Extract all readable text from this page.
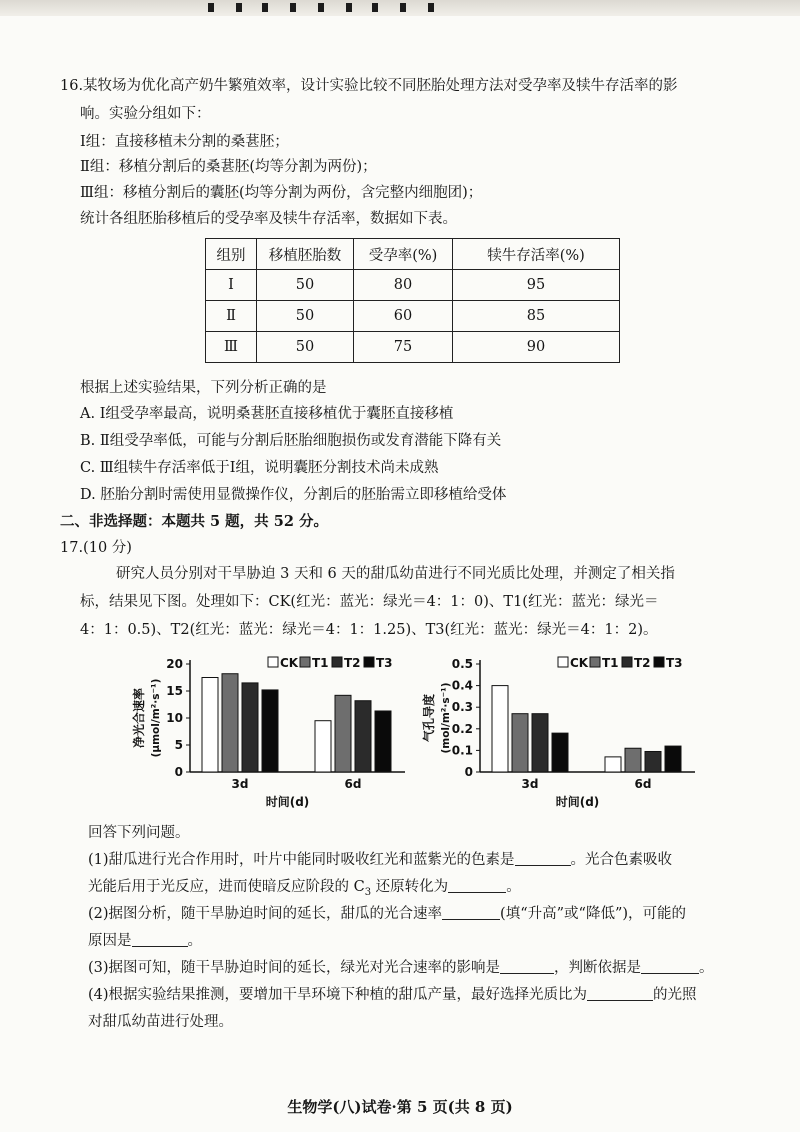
16.某牧场为优化高产奶牛繁殖效率，设计实验比较不同胚胎处理方法对受孕率及犊牛存活率的影
响。实验分组如下：
Ⅰ组：直接移植未分割的桑葚胚；
Ⅱ组：移植分割后的桑葚胚(均等分割为两份)；
Ⅲ组：移植分割后的囊胚(均等分割为两份，含完整内细胞团)；
统计各组胚胎移植后的受孕率及犊牛存活率，数据如下表。
组别	移植胚胎数	受孕率(%)	犊牛存活率(%)
Ⅰ	50	80	95
Ⅱ	50	60	85
Ⅲ	50	75	90
根据上述实验结果，下列分析正确的是
A. Ⅰ组受孕率最高，说明桑葚胚直接移植优于囊胚直接移植
B. Ⅱ组受孕率低，可能与分割后胚胎细胞损伤或发育潜能下降有关
C. Ⅲ组犊牛存活率低于Ⅰ组，说明囊胚分割技术尚未成熟
D. 胚胎分割时需使用显微操作仪，分割后的胚胎需立即移植给受体
二、非选择题：本题共 5 题，共 52 分。
17.(10 分)
研究人员分别对干旱胁迫 3 天和 6 天的甜瓜幼苗进行不同光质比处理，并测定了相关指
标，结果见下图。处理如下：CK(红光：蓝光：绿光＝4：1：0)、T1(红光：蓝光：绿光＝
4：1：0.5)、T2(红光：蓝光：绿光＝4：1：1.25)、T3(红光：蓝光：绿光＝4：1：2)。
0
5
10
15
20
净光合速率 (μmol/m²·s⁻¹)
3d	6d
时间(d)
CK T1 T2 T3
0
0.1
0.2
0.3
0.4
0.5
气孔导度 (mol/m²·s⁻¹)
3d	6d
时间(d)
CK T1 T2 T3
回答下列问题。
(1)甜瓜进行光合作用时，叶片中能同时吸收红光和蓝紫光的色素是	。光合色素吸收
光能后用于光反应，进而使暗反应阶段的 $C_3$ 还原转化为	。
(2)据图分析，随干旱胁迫时间的延长，甜瓜的光合速率	(填“升高”或“降低”)，可能的
原因是	。
(3)据图可知，随干旱胁迫时间的延长，绿光对光合速率的影响是	，判断依据是	。
(4)根据实验结果推测，要增加干旱环境下种植的甜瓜产量，最好选择光质比为	的光照
对甜瓜幼苗进行处理。
生物学(八)试卷·第 5 页(共 8 页)
